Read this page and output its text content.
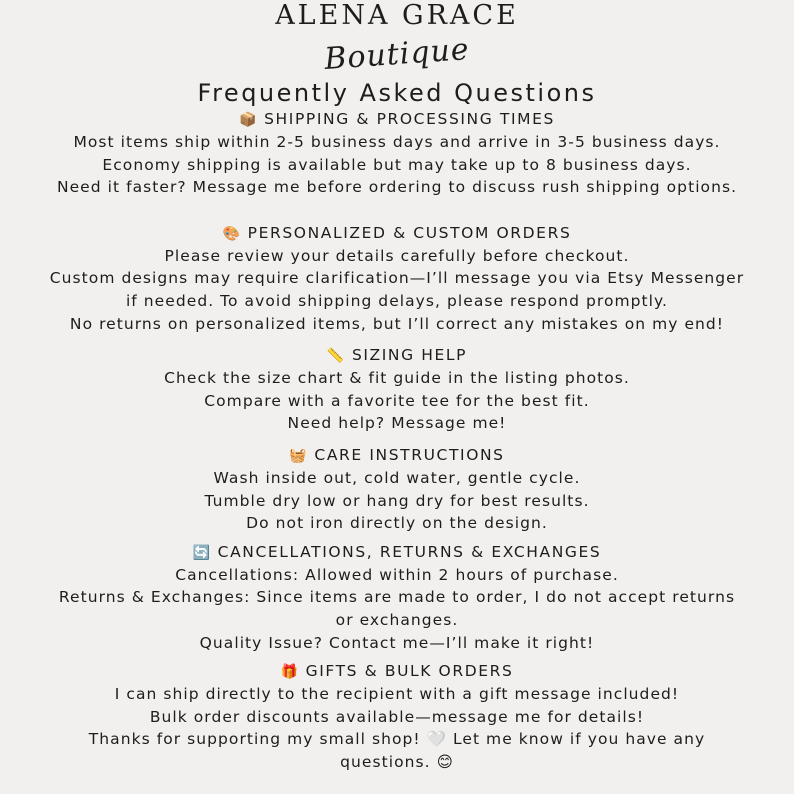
ALENA GRACE
Boutique
Frequently Asked Questions
📦 SHIPPING & PROCESSING TIMES

Most items ship within 2-5 business days and arrive in 3-5 business days.

Economy shipping is available but may take up to 8 business days.

Need it faster? Message me before ordering to discuss rush shipping options.

🎨 PERSONALIZED & CUSTOM ORDERS

Please review your details carefully before checkout.

Custom designs may require clarification—I’ll message you via Etsy Messenger

if needed. To avoid shipping delays, please respond promptly.

No returns on personalized items, but I’ll correct any mistakes on my end!

📏 SIZING HELP

Check the size chart & fit guide in the listing photos.

Compare with a favorite tee for the best fit.

Need help? Message me!

🧺 CARE INSTRUCTIONS

Wash inside out, cold water, gentle cycle.

Tumble dry low or hang dry for best results.

Do not iron directly on the design.

🔄 CANCELLATIONS, RETURNS & EXCHANGES

Cancellations: Allowed within 2 hours of purchase.

Returns & Exchanges: Since items are made to order, I do not accept returns

or exchanges.

Quality Issue? Contact me—I’ll make it right!

🎁 GIFTS & BULK ORDERS

I can ship directly to the recipient with a gift message included!

Bulk order discounts available—message me for details!

Thanks for supporting my small shop! 🤍 Let me know if you have any

questions. 😊
